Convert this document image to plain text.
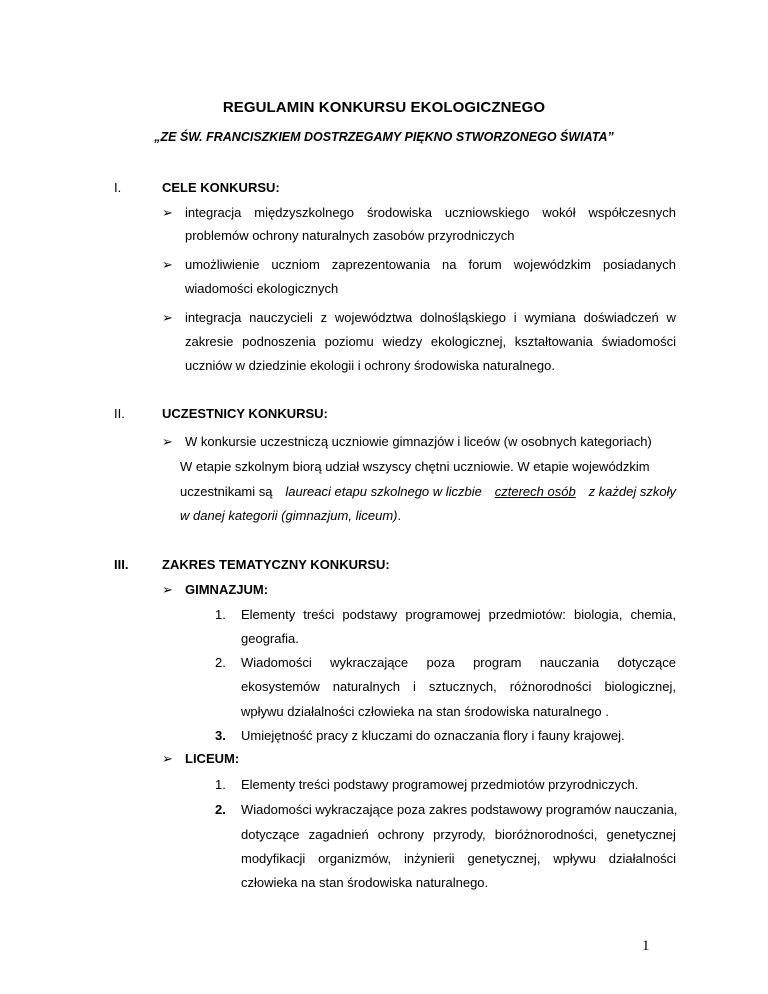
REGULAMIN KONKURSU EKOLOGICZNEGO
„ZE ŚW. FRANCISZKIEM DOSTRZEGAMY PIĘKNO STWORZONEGO ŚWIATA”
I.	CELE KONKURSU:
➢ integracja międzyszkolnego środowiska uczniowskiego wokół współczesnych
problemów ochrony naturalnych zasobów przyrodniczych
➢ umożliwienie uczniom zaprezentowania na forum wojewódzkim posiadanych
wiadomości ekologicznych
➢ integracja nauczycieli z województwa dolnośląskiego i wymiana doświadczeń w
zakresie podnoszenia poziomu wiedzy ekologicznej, kształtowania świadomości
uczniów w dziedzinie ekologii i ochrony środowiska naturalnego.
II.	UCZESTNICY KONKURSU:
➢ W konkursie uczestniczą uczniowie gimnazjów i liceów (w osobnych kategoriach)
W etapie szkolnym biorą udział wszyscy chętni uczniowie. W etapie wojewódzkim
uczestnikami są laureaci etapu szkolnego w liczbie czterech osób z każdej szkoły
w danej kategorii (gimnazjum, liceum).
III.	ZAKRES TEMATYCZNY KONKURSU:
➢ GIMNAZJUM:
1. Elementy treści podstawy programowej przedmiotów: biologia, chemia,
geografia.
2. Wiadomości wykraczające poza program nauczania dotyczące
ekosystemów naturalnych i sztucznych, różnorodności biologicznej,
wpływu działalności człowieka na stan środowiska naturalnego .
3. Umiejętność pracy z kluczami do oznaczania flory i fauny krajowej.
➢ LICEUM:
1. Elementy treści podstawy programowej przedmiotów przyrodniczych.
2. Wiadomości wykraczające poza zakres podstawowy programów nauczania,
dotyczące zagadnień ochrony przyrody, bioróżnorodności, genetycznej
modyfikacji organizmów, inżynierii genetycznej, wpływu działalności
człowieka na stan środowiska naturalnego.
1
